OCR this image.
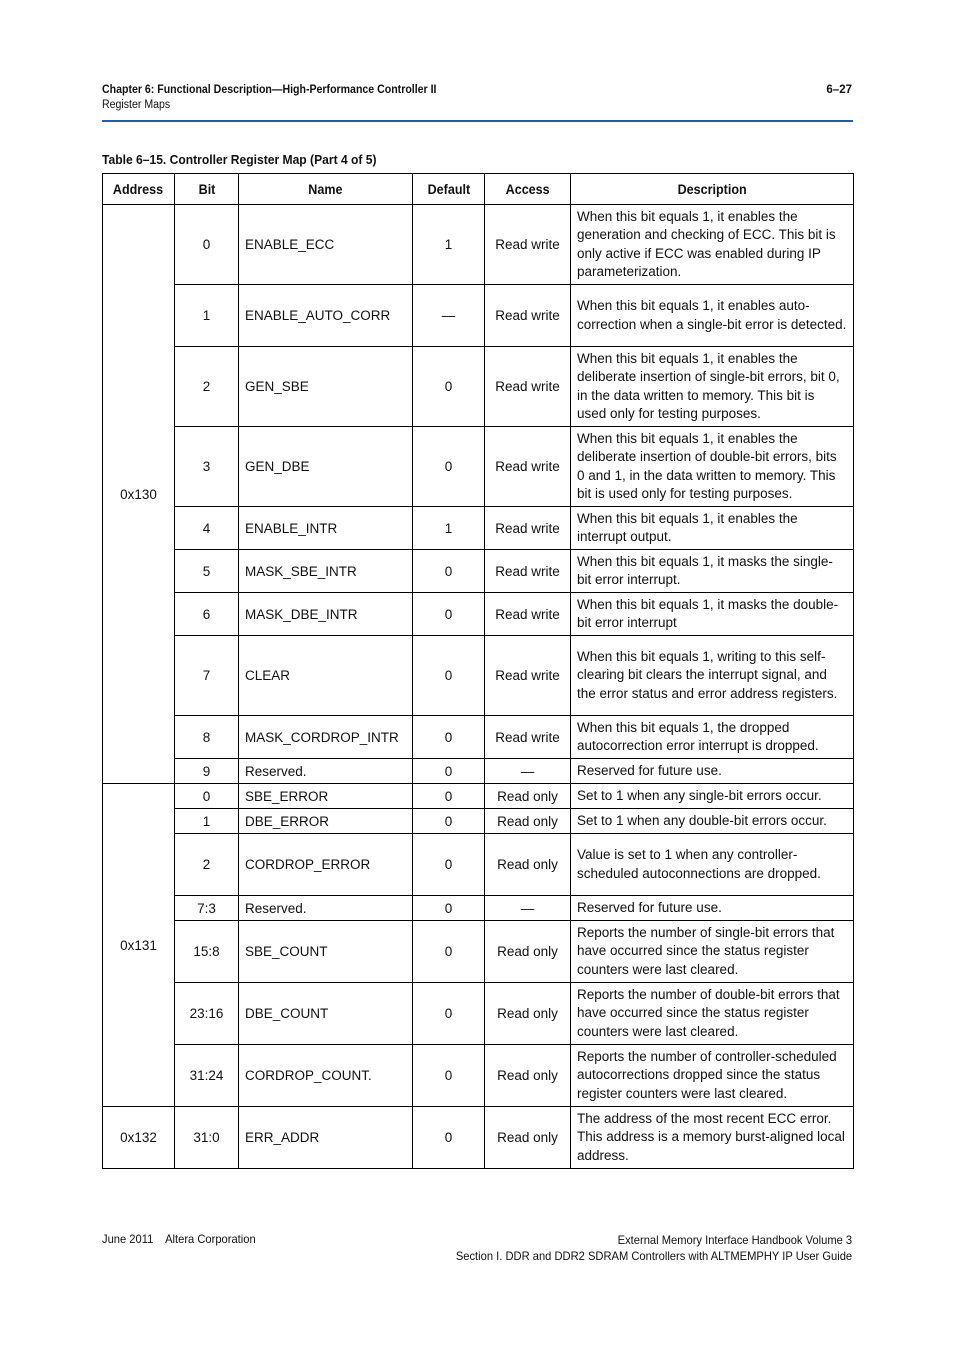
Chapter 6: Functional Description—High-Performance Controller II	6–27
Register Maps
Table 6–15. Controller Register Map (Part 4 of 5)
Address	Bit	Name	Default	Access	Description
0x130	0	ENABLE_ECC	1	Read write	When this bit equals 1, it enables the generation and checking of ECC. This bit is only active if ECC was enabled during IP parameterization.
	1	ENABLE_AUTO_CORR	—	Read write	When this bit equals 1, it enables auto-correction when a single-bit error is detected.
	2	GEN_SBE	0	Read write	When this bit equals 1, it enables the deliberate insertion of single-bit errors, bit 0, in the data written to memory. This bit is used only for testing purposes.
	3	GEN_DBE	0	Read write	When this bit equals 1, it enables the deliberate insertion of double-bit errors, bits 0 and 1, in the data written to memory. This bit is used only for testing purposes.
	4	ENABLE_INTR	1	Read write	When this bit equals 1, it enables the interrupt output.
	5	MASK_SBE_INTR	0	Read write	When this bit equals 1, it masks the single-bit error interrupt.
	6	MASK_DBE_INTR	0	Read write	When this bit equals 1, it masks the double-bit error interrupt
	7	CLEAR	0	Read write	When this bit equals 1, writing to this self-clearing bit clears the interrupt signal, and the error status and error address registers.
	8	MASK_CORDROP_INTR	0	Read write	When this bit equals 1, the dropped autocorrection error interrupt is dropped.
	9	Reserved.	0	—	Reserved for future use.
0x131	0	SBE_ERROR	0	Read only	Set to 1 when any single-bit errors occur.
	1	DBE_ERROR	0	Read only	Set to 1 when any double-bit errors occur.
	2	CORDROP_ERROR	0	Read only	Value is set to 1 when any controller-scheduled autoconnections are dropped.
	7:3	Reserved.	0	—	Reserved for future use.
	15:8	SBE_COUNT	0	Read only	Reports the number of single-bit errors that have occurred since the status register counters were last cleared.
	23:16	DBE_COUNT	0	Read only	Reports the number of double-bit errors that have occurred since the status register counters were last cleared.
	31:24	CORDROP_COUNT.	0	Read only	Reports the number of controller-scheduled autocorrections dropped since the status register counters were last cleared.
0x132	31:0	ERR_ADDR	0	Read only	The address of the most recent ECC error. This address is a memory burst-aligned local address.
June 2011 Altera Corporation	External Memory Interface Handbook Volume 3
Section I. DDR and DDR2 SDRAM Controllers with ALTMEMPHY IP User Guide
